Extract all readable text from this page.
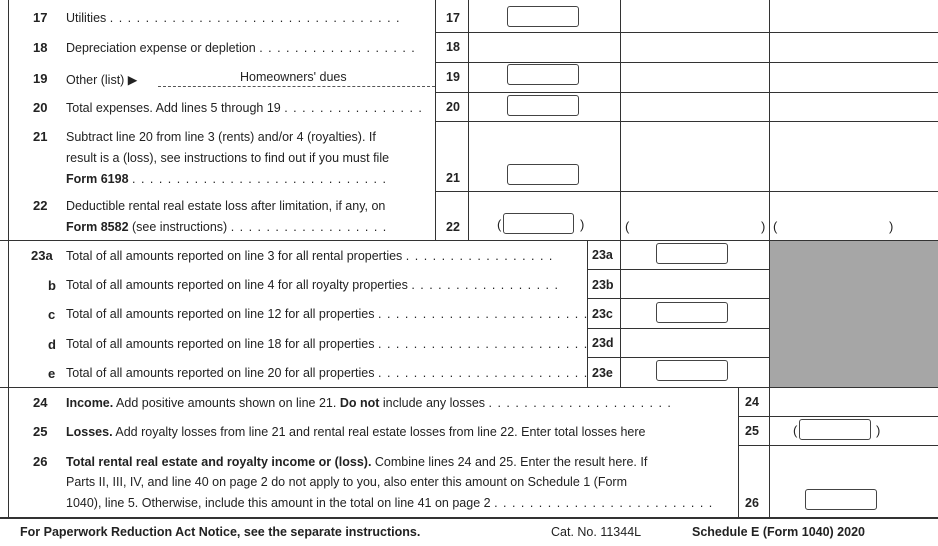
17 Utilities . . . . . . . . . . . . . . . . . . . . . . . . . . . . . . . . .	17
18 Depreciation expense or depletion . . . . . . . . . . . . . . . . . . 18
19 Other (list) ▶	Homeowners' dues	19
20 Total expenses. Add lines 5 through 19 . . . . . . . . . . . . . . . . 20
21 Subtract line 20 from line 3 (rents) and/or 4 (royalties). If
result is a (loss), see instructions to find out if you must file
Form 6198 . . . . . . . . . . . . . . . . . . . . . . . . . . . . .	21
22 Deductible rental real estate loss after limitation, if any, on
Form 8582 (see instructions) . . . . . . . . . . . . . . . . . .	22	(	)	(	) (	)
23a Total of all amounts reported on line 3 for all rental properties . . . . . . . . . . . . . . . . .	23a
b Total of all amounts reported on line 4 for all royalty properties . . . . . . . . . . . . . . . . .	23b
c Total of all amounts reported on line 12 for all properties . . . . . . . . . . . . . . . . . . . . . . . . 23c
d Total of all amounts reported on line 18 for all properties . . . . . . . . . . . . . . . . . . . . . . . . 23d
e Total of all amounts reported on line 20 for all properties . . . . . . . . . . . . . . . . . . . . . . . . 23e
24 Income. Add positive amounts shown on line 21. Do not include any losses . . . . . . . . . . . . . . . . . . . . .	24
25 Losses. Add royalty losses from line 21 and rental real estate losses from line 22. Enter total losses here	25	(	)
26 Total rental real estate and royalty income or (loss). Combine lines 24 and 25. Enter the result here. If
Parts II, III, IV, and line 40 on page 2 do not apply to you, also enter this amount on Schedule 1 (Form
1040), line 5. Otherwise, include this amount in the total on line 41 on page 2 . . . . . . . . . . . . . . . . . . . . . . . . .	26
For Paperwork Reduction Act Notice, see the separate instructions.	Cat. No. 11344L	Schedule E (Form 1040) 2020
